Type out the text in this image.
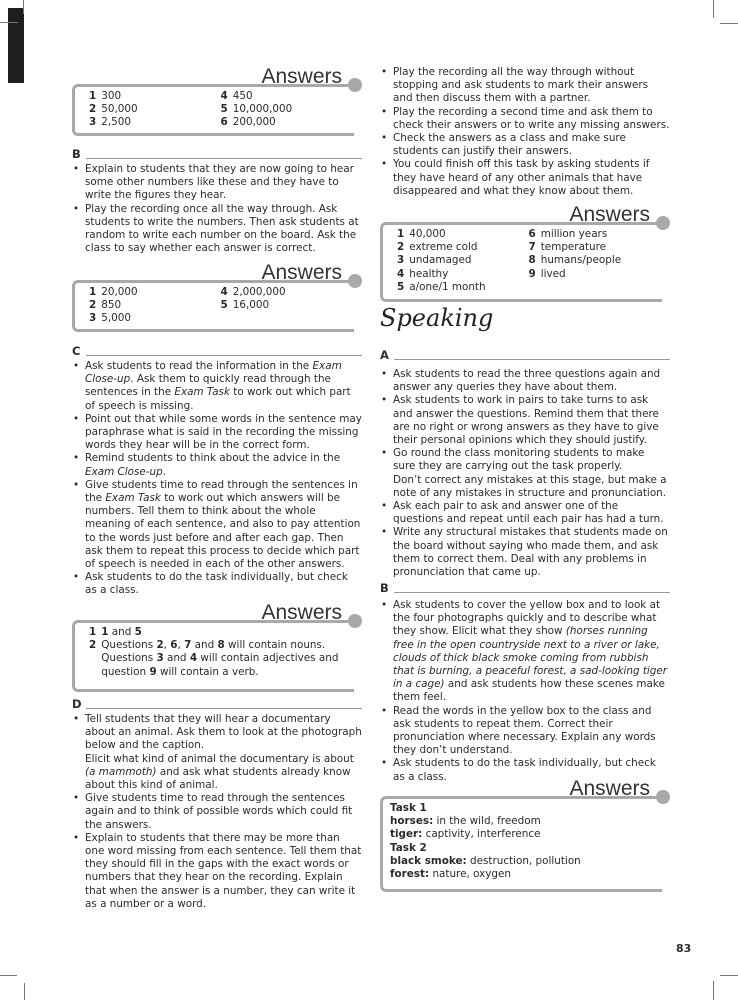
Answers
1 300
2 50,000
3 2,500
4 450
5 10,000,000
6 200,000
B
• Explain to students that they are now going to hear some other numbers like these and they have to write the figures they hear.
• Play the recording once all the way through. Ask students to write the numbers. Then ask students at random to write each number on the board. Ask the class to say whether each answer is correct.
Answers
1 20,000
2 850
3 5,000
4 2,000,000
5 16,000
C
• Ask students to read the information in the Exam Close-up. Ask them to quickly read through the sentences in the Exam Task to work out which part of speech is missing.
• Point out that while some words in the sentence may paraphrase what is said in the recording the missing words they hear will be in the correct form.
• Remind students to think about the advice in the Exam Close-up.
• Give students time to read through the sentences in the Exam Task to work out which answers will be numbers. Tell them to think about the whole meaning of each sentence, and also to pay attention to the words just before and after each gap. Then ask them to repeat this process to decide which part of speech is needed in each of the other answers.
• Ask students to do the task individually, but check as a class.
Answers
1 1 and 5
2 Questions 2, 6, 7 and 8 will contain nouns. Questions 3 and 4 will contain adjectives and question 9 will contain a verb.
D
• Tell students that they will hear a documentary about an animal. Ask them to look at the photograph below and the caption.
Elicit what kind of animal the documentary is about (a mammoth) and ask what students already know about this kind of animal.
• Give students time to read through the sentences again and to think of possible words which could fit the answers.
• Explain to students that there may be more than one word missing from each sentence. Tell them that they should fill in the gaps with the exact words or numbers that they hear on the recording. Explain that when the answer is a number, they can write it as a number or a word.
• Play the recording all the way through without stopping and ask students to mark their answers and then discuss them with a partner.
• Play the recording a second time and ask them to check their answers or to write any missing answers.
• Check the answers as a class and make sure students can justify their answers.
• You could finish off this task by asking students if they have heard of any other animals that have disappeared and what they know about them.
Answers
1 40,000
2 extreme cold
3 undamaged
4 healthy
5 a/one/1 month
6 million years
7 temperature
8 humans/people
9 lived
Speaking
A
• Ask students to read the three questions again and answer any queries they have about them.
• Ask students to work in pairs to take turns to ask and answer the questions. Remind them that there are no right or wrong answers as they have to give their personal opinions which they should justify.
• Go round the class monitoring students to make sure they are carrying out the task properly.
Don’t correct any mistakes at this stage, but make a note of any mistakes in structure and pronunciation.
• Ask each pair to ask and answer one of the questions and repeat until each pair has had a turn.
• Write any structural mistakes that students made on the board without saying who made them, and ask them to correct them. Deal with any problems in pronunciation that came up.
B
• Ask students to cover the yellow box and to look at the four photographs quickly and to describe what they show. Elicit what they show (horses running free in the open countryside next to a river or lake, clouds of thick black smoke coming from rubbish that is burning, a peaceful forest, a sad-looking tiger in a cage) and ask students how these scenes make them feel.
• Read the words in the yellow box to the class and ask students to repeat them. Correct their pronunciation where necessary. Explain any words they don’t understand.
• Ask students to do the task individually, but check as a class.
Answers
Task 1
horses: in the wild, freedom
tiger: captivity, interference
Task 2
black smoke: destruction, pollution
forest: nature, oxygen
83
